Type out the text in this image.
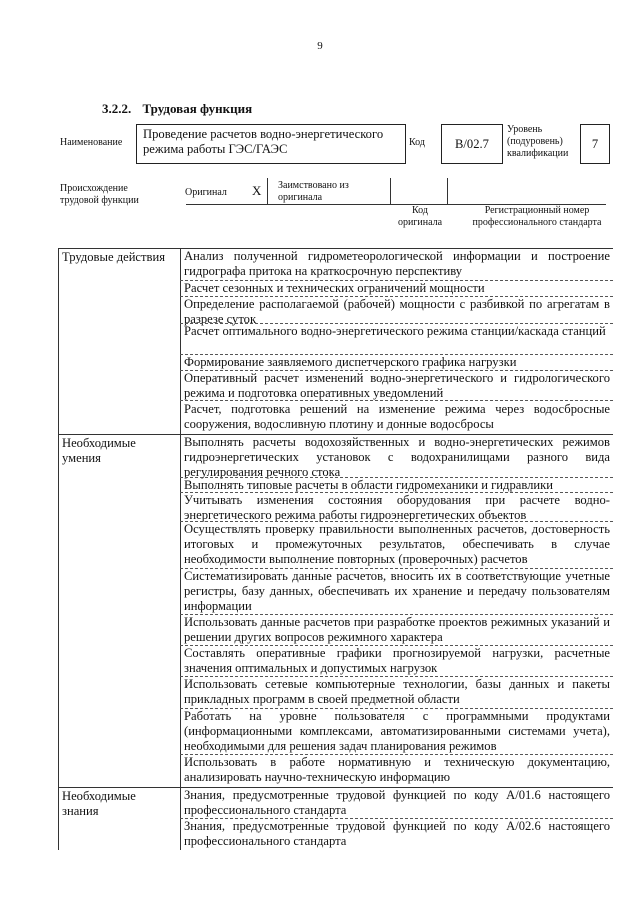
9
3.2.2. Трудовая функция
Наименование
Проведение расчетов водно-энергетического режима работы ГЭС/ГАЭС	Код	B/02.7
Уровень (подуровень) квалификации
7
Происхождение трудовой функции
Оригинал X Заимствовано из оригинала
Код оригинала
Регистрационный номер профессионального стандарта
Трудовые действия
Необходимые умения
Необходимые знания
Анализ полученной гидрометеорологической информации и построение гидрографа притока на краткосрочную перспективу
Расчет сезонных и технических ограничений мощности
Определение располагаемой (рабочей) мощности с разбивкой по агрегатам в разрезе суток
Расчет оптимального водно-энергетического режима станции/каскада станций
Формирование заявляемого диспетчерского графика нагрузки
Оперативный расчет изменений водно-энергетического и гидрологического режима и подготовка оперативных уведомлений
Расчет, подготовка решений на изменение режима через водосбросные сооружения, водосливную плотину и донные водосбросы
Выполнять расчеты водохозяйственных и водно-энергетических режимов гидроэнергетических установок с водохранилищами разного вида регулирования речного стока
Выполнять типовые расчеты в области гидромеханики и гидравлики
Учитывать изменения состояния оборудования при расчете водно-энергетического режима работы гидроэнергетических объектов
Осуществлять проверку правильности выполненных расчетов, достоверность итоговых и промежуточных результатов, обеспечивать в случае необходимости выполнение повторных (проверочных) расчетов
Систематизировать данные расчетов, вносить их в соответствующие учетные регистры, базу данных, обеспечивать их хранение и передачу пользователям информации
Использовать данные расчетов при разработке проектов режимных указаний и решении других вопросов режимного характера
Составлять оперативные графики прогнозируемой нагрузки, расчетные значения оптимальных и допустимых нагрузок
Использовать сетевые компьютерные технологии, базы данных и пакеты прикладных программ в своей предметной области
Работать на уровне пользователя с программными продуктами (информационными комплексами, автоматизированными системами учета), необходимыми для решения задач планирования режимов
Использовать в работе нормативную и техническую документацию, анализировать научно-техническую информацию
Знания, предусмотренные трудовой функцией по коду А/01.6 настоящего профессионального стандарта
Знания, предусмотренные трудовой функцией по коду А/02.6 настоящего профессионального стандарта
